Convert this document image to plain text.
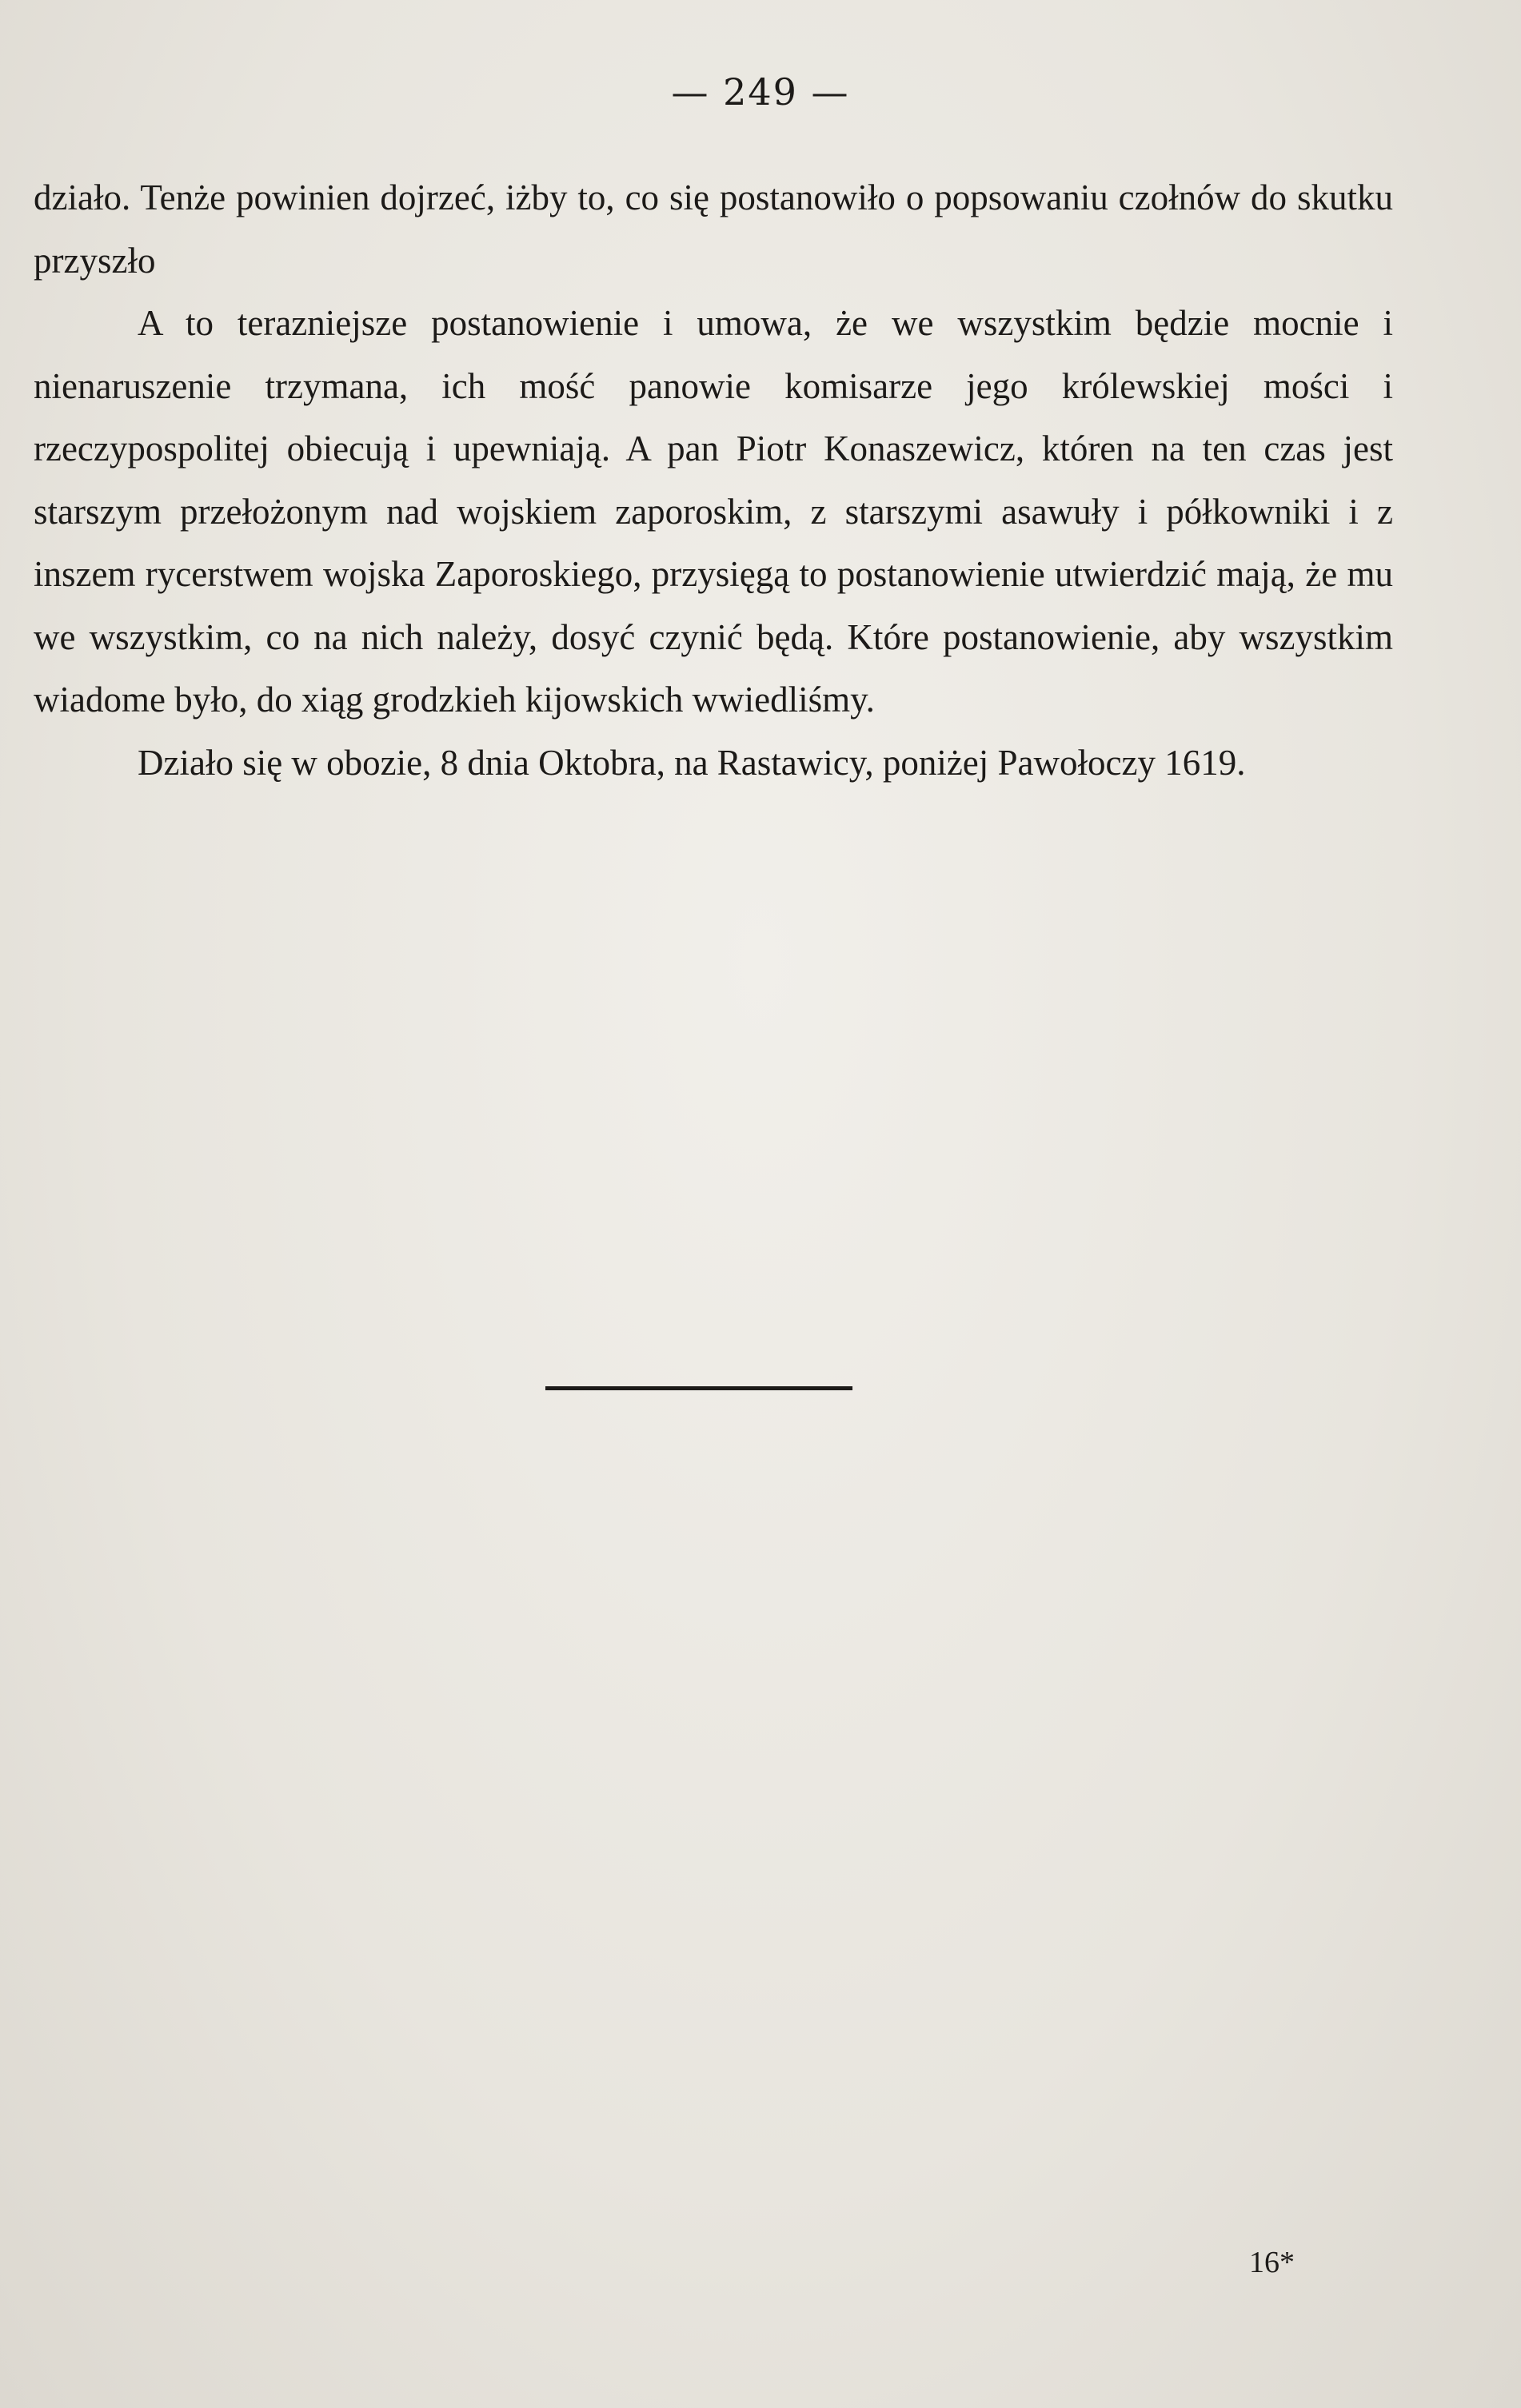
— 249 —

działo. Tenże powinien dojrzeć, iżby to, co się postanowiło o popsowaniu czołnów do skutku przyszło

A to terazniejsze postanowienie i umowa, że we wszystkim będzie mocnie i nienaruszenie trzymana, ich mość panowie komisarze jego królewskiej mości i rzeczypospolitej obiecują i upewniają. A pan Piotr Konaszewicz, któren na ten czas jest starszym przełożonym nad wojskiem zaporoskim, z starszymi asawuły i półkowniki i z inszem rycerstwem wojska Zaporoskiego, przysięgą to postanowienie utwierdzić mają, że mu we wszystkim, co na nich należy, dosyć czynić będą. Które postanowienie, aby wszystkim wiadome było, do xiąg grodzkieh kijowskich wwiedliśmy.

Działo się w obozie, 8 dnia Oktobra, na Rastawicy, poniżej Pawołoczy 1619.

16*
